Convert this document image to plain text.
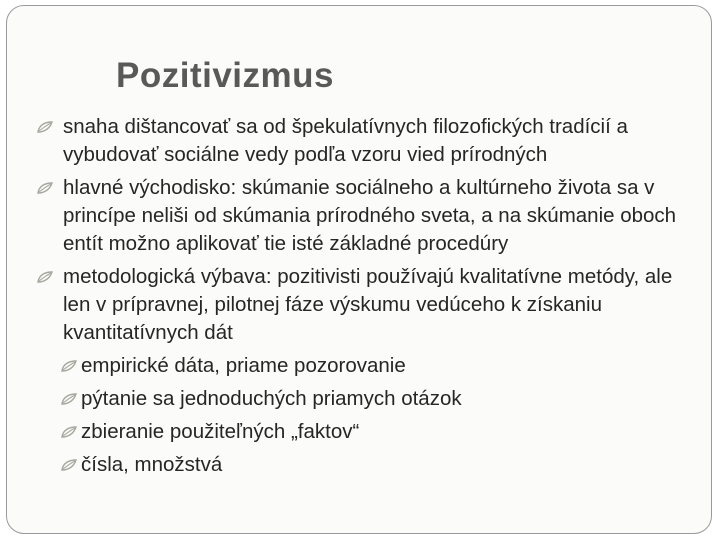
Pozitivizmus
snaha dištancovať sa od špekulatívnych filozofických tradícií a vybudovať sociálne vedy podľa vzoru vied prírodných
hlavné východisko: skúmanie sociálneho a kultúrneho života sa v princípe neliši od skúmania prírodného sveta, a na skúmanie oboch entít možno aplikovať tie isté základné procedúry
metodologická výbava: pozitivisti používajú kvalitatívne metódy, ale len v prípravnej, pilotnej fáze výskumu vedúceho k získaniu kvantitatívnych dát
empirické dáta, priame pozorovanie
pýtanie sa jednoduchých priamych otázok
zbieranie použiteľných „faktov“
čísla, množstvá
